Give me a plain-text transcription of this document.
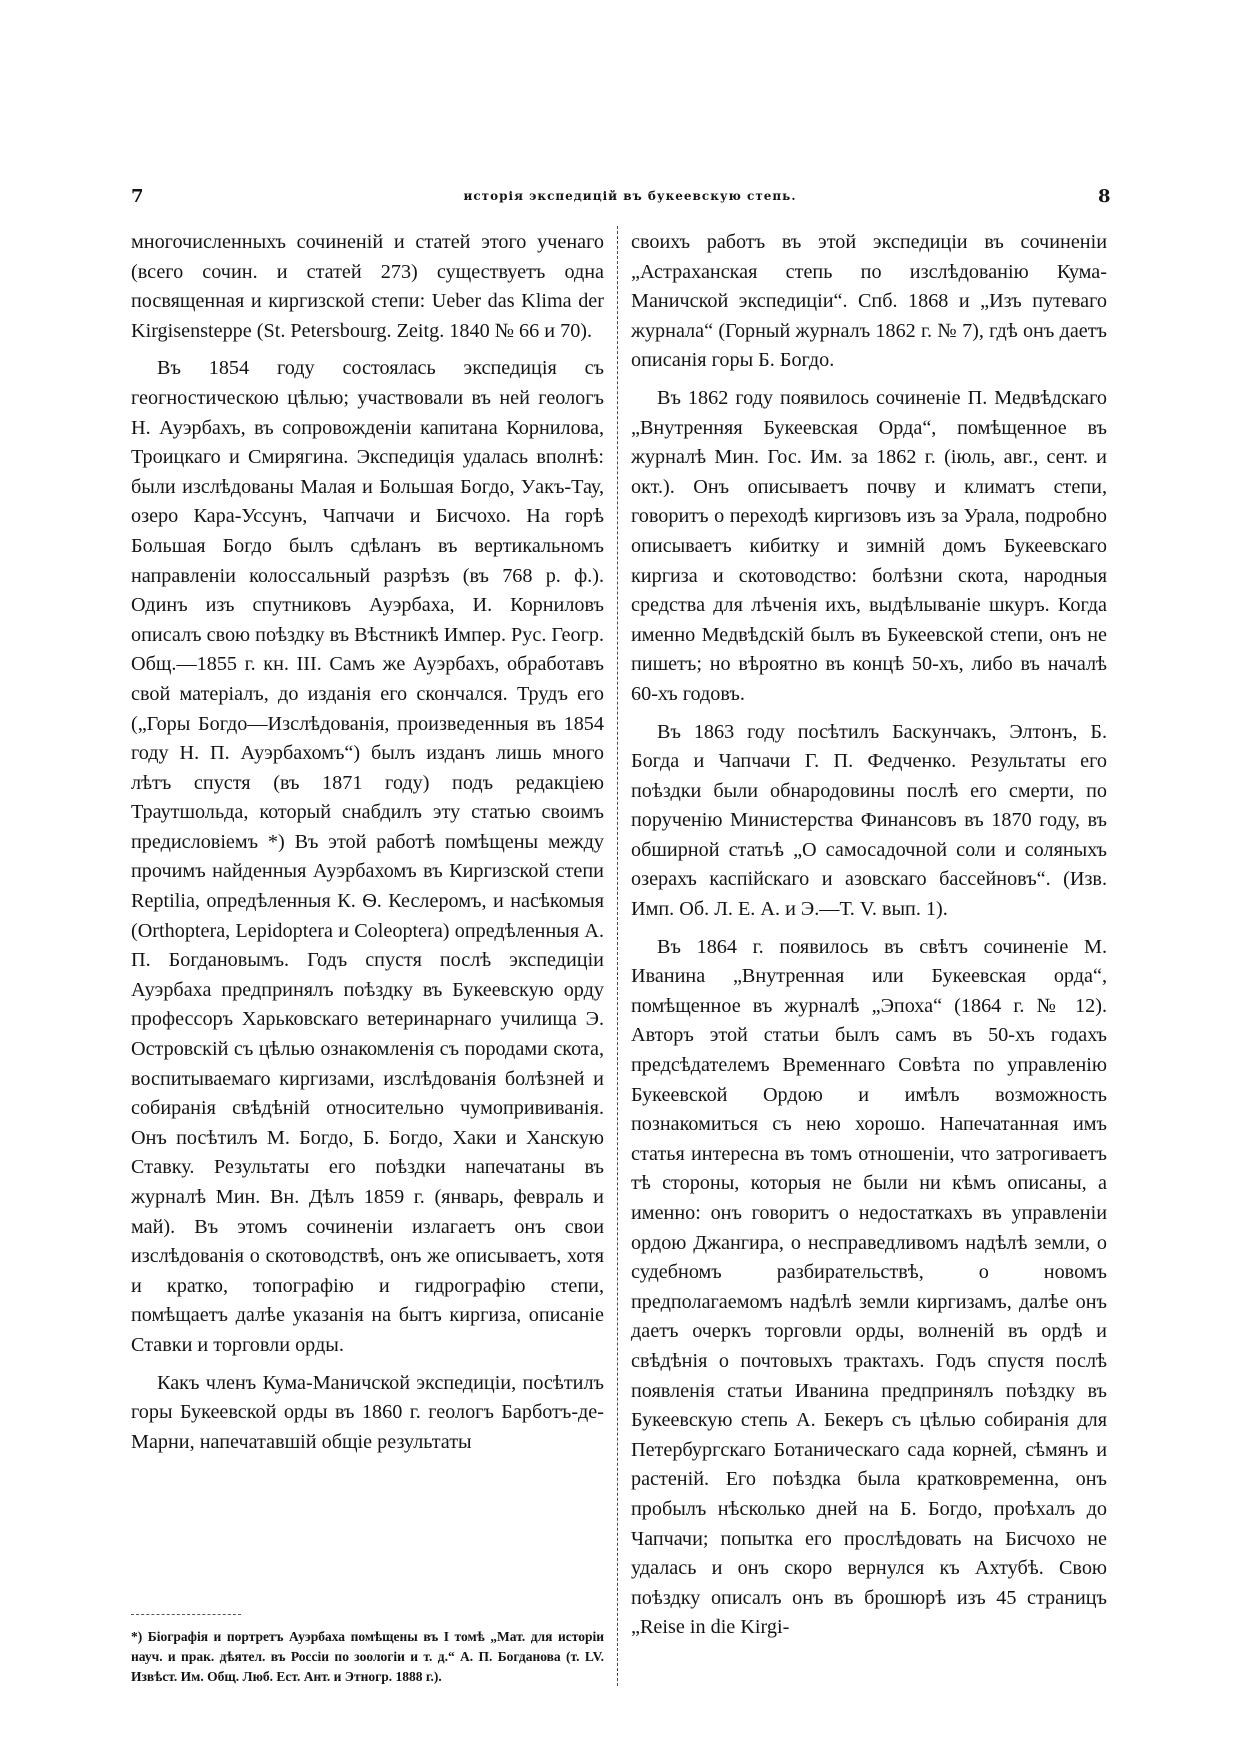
7	исторія экспедицій въ букеевскую степь.	8

многочисленныхъ сочиненій и статей этого ученаго (всего сочин. и статей 273) существуетъ одна посвященная и киргизской степи: Ueber das Klima der Kirgisensteppe (St. Petersbourg. Zeitg. 1840 № 66 и 70).

Въ 1854 году состоялась экспедиція съ геогностическою цѣлью; участвовали въ ней геологъ Н. Ауэрбахъ, въ сопровожденіи капитана Корнилова, Троицкаго и Смирягина. Экспедиція удалась вполнѣ: были изслѣдованы Малая и Большая Богдо, Уакъ-Тау, озеро Кара-Уссунъ, Чапчачи и Бисчохо. На горѣ Большая Богдо былъ сдѣланъ въ вертикальномъ направленіи колоссальный разрѣзъ (въ 768 р. ф.). Одинъ изъ спутниковъ Ауэрбаха, И. Корниловъ описалъ свою поѣздку въ Вѣстникѣ Импер. Рус. Геогр. Общ.—1855 г. кн. III. Самъ же Ауэрбахъ, обработавъ свой матеріалъ, до изданія его скончался. Трудъ его („Горы Богдо—Изслѣдованія, произведенныя въ 1854 году Н. П. Ауэрбахомъ“) былъ изданъ лишь много лѣтъ спустя (въ 1871 году) подъ редакціею Траутшольда, который снабдилъ эту статью своимъ предисловіемъ *) Въ этой работѣ помѣщены между прочимъ найденныя Ауэрбахомъ въ Киргизской степи Reptilia, опредѣленныя К. Ѳ. Кеслеромъ, и насѣкомыя (Orthoptera, Lepidoptera и Coleoptera) опредѣленныя А. П. Богдановымъ. Годъ спустя послѣ экспедиціи Ауэрбаха предпринялъ поѣздку въ Букеевскую орду профессоръ Харьковскаго ветеринарнаго училища Э. Островскій съ цѣлью ознакомленія съ породами скота, воспитываемаго киргизами, изслѣдованія болѣзней и собиранія свѣдѣній относительно чумопрививанія. Онъ посѣтилъ М. Богдо, Б. Богдо, Хаки и Ханскую Ставку. Результаты его поѣздки напечатаны въ журналѣ Мин. Вн. Дѣлъ 1859 г. (январь, февраль и май). Въ этомъ сочиненіи излагаетъ онъ свои изслѣдованія о скотоводствѣ, онъ же описываетъ, хотя и кратко, топографію и гидрографію степи, помѣщаетъ далѣе указанія на бытъ киргиза, описаніе Ставки и торговли орды.

Какъ членъ Кума-Маничской экспедиціи, посѣтилъ горы Букеевской орды въ 1860 г. геологъ Барботъ-де-Марни, напечатавшій общіе результаты

своихъ работъ въ этой экспедиціи въ сочиненіи „Астраханская степь по изслѣдованію Кума-Маничской экспедиціи“. Спб. 1868 и „Изъ путеваго журнала“ (Горный журналъ 1862 г. № 7), гдѣ онъ даетъ описанія горы Б. Богдо.

Въ 1862 году появилось сочиненіе П. Медвѣдскаго „Внутренняя Букеевская Орда“, помѣщенное въ журналѣ Мин. Гос. Им. за 1862 г. (іюль, авг., сент. и окт.). Онъ описываетъ почву и климатъ степи, говоритъ о переходѣ киргизовъ изъ за Урала, подробно описываетъ кибитку и зимній домъ Букеевскаго киргиза и скотоводство: болѣзни скота, народныя средства для лѣченія ихъ, выдѣлываніе шкуръ. Когда именно Медвѣдскій былъ въ Букеевской степи, онъ не пишетъ; но вѣроятно въ концѣ 50-хъ, либо въ началѣ 60-хъ годовъ.

Въ 1863 году посѣтилъ Баскунчакъ, Элтонъ, Б. Богда и Чапчачи Г. П. Федченко. Результаты его поѣздки были обнародовины послѣ его смерти, по порученію Министерства Финансовъ въ 1870 году, въ обширной статьѣ „О самосадочной соли и соляныхъ озерахъ каспійскаго и азовскаго бассейновъ“. (Изв. Имп. Об. Л. Е. А. и Э.—Т. V. вып. 1).

Въ 1864 г. появилось въ свѣтъ сочиненіе М. Иванина „Внутренная или Букеевская орда“, помѣщенное въ журналѣ „Эпоха“ (1864 г. № 12). Авторъ этой статьи былъ самъ въ 50-хъ годахъ предсѣдателемъ Временнаго Совѣта по управленію Букеевской Ордою и имѣлъ возможность познакомиться съ нею хорошо. Напечатанная имъ статья интересна въ томъ отношеніи, что затрогиваетъ тѣ стороны, которыя не были ни кѣмъ описаны, а именно: онъ говоритъ о недостаткахъ въ управленіи ордою Джангира, о несправедливомъ надѣлѣ земли, о судебномъ разбирательствѣ, о новомъ предполагаемомъ надѣлѣ земли киргизамъ, далѣе онъ даетъ очеркъ торговли орды, волненій въ ордѣ и свѣдѣнія о почтовыхъ трактахъ. Годъ спустя послѣ появленія статьи Иванина предпринялъ поѣздку въ Букеевскую степь А. Бекеръ съ цѣлью собиранія для Петербургскаго Ботаническаго сада корней, сѣмянъ и растеній. Его поѣздка была кратковременна, онъ пробылъ нѣсколько дней на Б. Богдо, проѣхалъ до Чапчачи; попытка его прослѣдовать на Бисчохо не удалась и онъ скоро вернулся къ Ахтубѣ. Свою поѣздку описалъ онъ въ брошюрѣ изъ 45 страницъ „Reise in die Kirgi-

*) Біографія и портретъ Ауэрбаха помѣщены въ I томѣ „Мат. для исторіи науч. и прак. дѣятел. въ Россіи по зоологіи и т. д.“ А. П. Богданова (т. LV. Извѣст. Им. Общ. Люб. Ест. Ант. и Этногр. 1888 г.).
